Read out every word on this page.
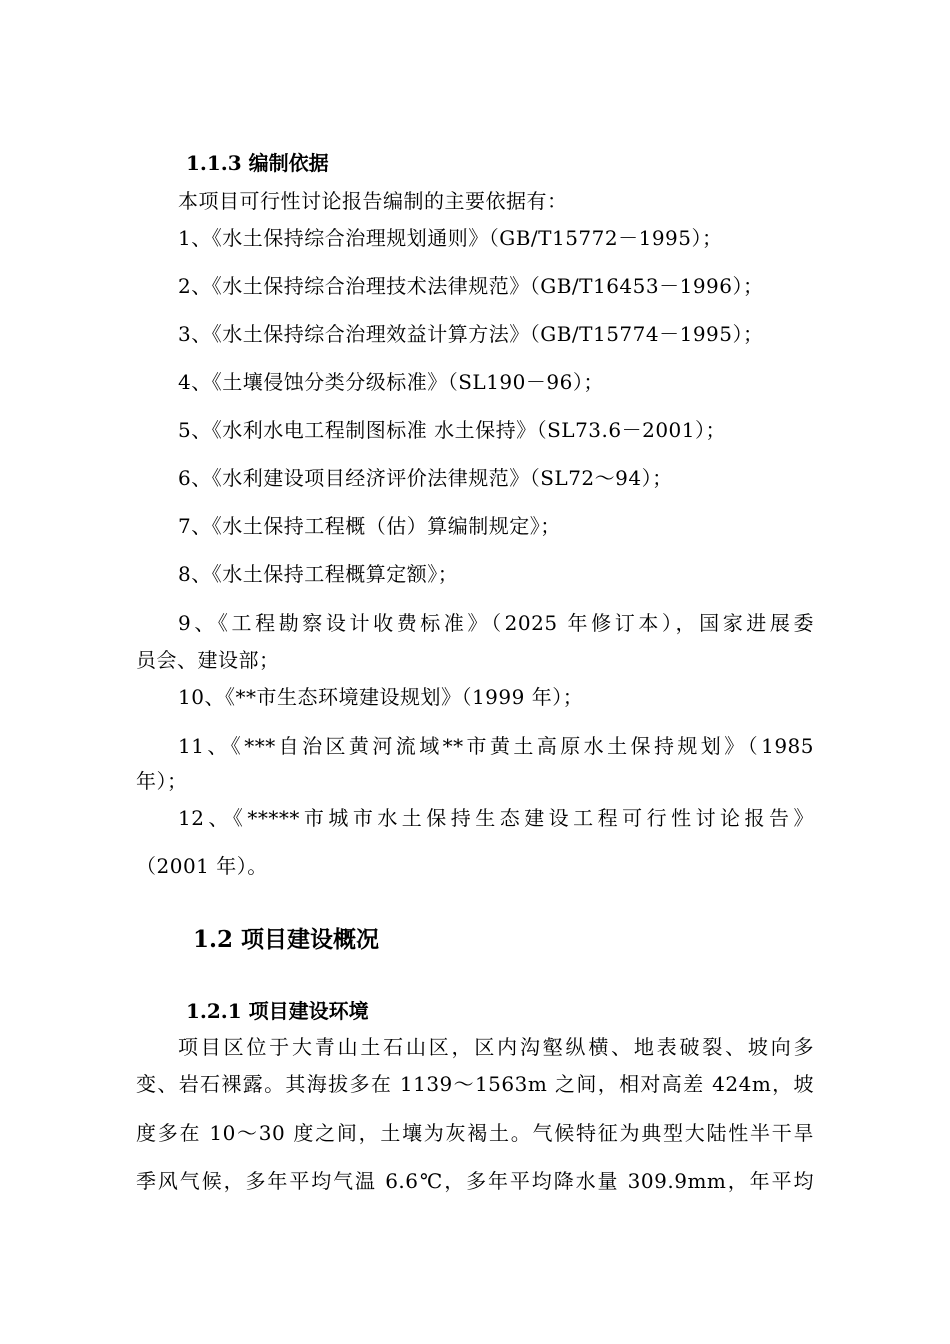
1.1.3 编制依据
本项目可行性讨论报告编制的主要依据有：
1、《水土保持综合治理规划通则》（GB/T15772－1995）；
2、《水土保持综合治理技术法律规范》（GB/T16453－1996）；
3、《水土保持综合治理效益计算方法》（GB/T15774－1995）；
4、《土壤侵蚀分类分级标准》（SL190－96）；
5、《水利水电工程制图标准 水土保持》（SL73.6－2001）；
6、《水利建设项目经济评价法律规范》（SL72～94）；
7、《水土保持工程概（估）算编制规定》；
8、《水土保持工程概算定额》；
9、《工程勘察设计收费标准》（2025 年修订本），国家进展委
员会、建设部；
10、《**市生态环境建设规划》（1999 年）；
11、《***自治区黄河流域**市黄土高原水土保持规划》（1985
年）；
12、《*****市城市水土保持生态建设工程可行性讨论报告》
（2001 年）。
1.2 项目建设概况
1.2.1 项目建设环境
项目区位于大青山土石山区，区内沟壑纵横、地表破裂、坡向多
变、岩石裸露。其海拔多在 1139～1563m 之间，相对高差 424m，坡
度多在 10～30 度之间，土壤为灰褐土。气候特征为典型大陆性半干旱
季风气候，多年平均气温 6.6℃，多年平均降水量 309.9mm，年平均
